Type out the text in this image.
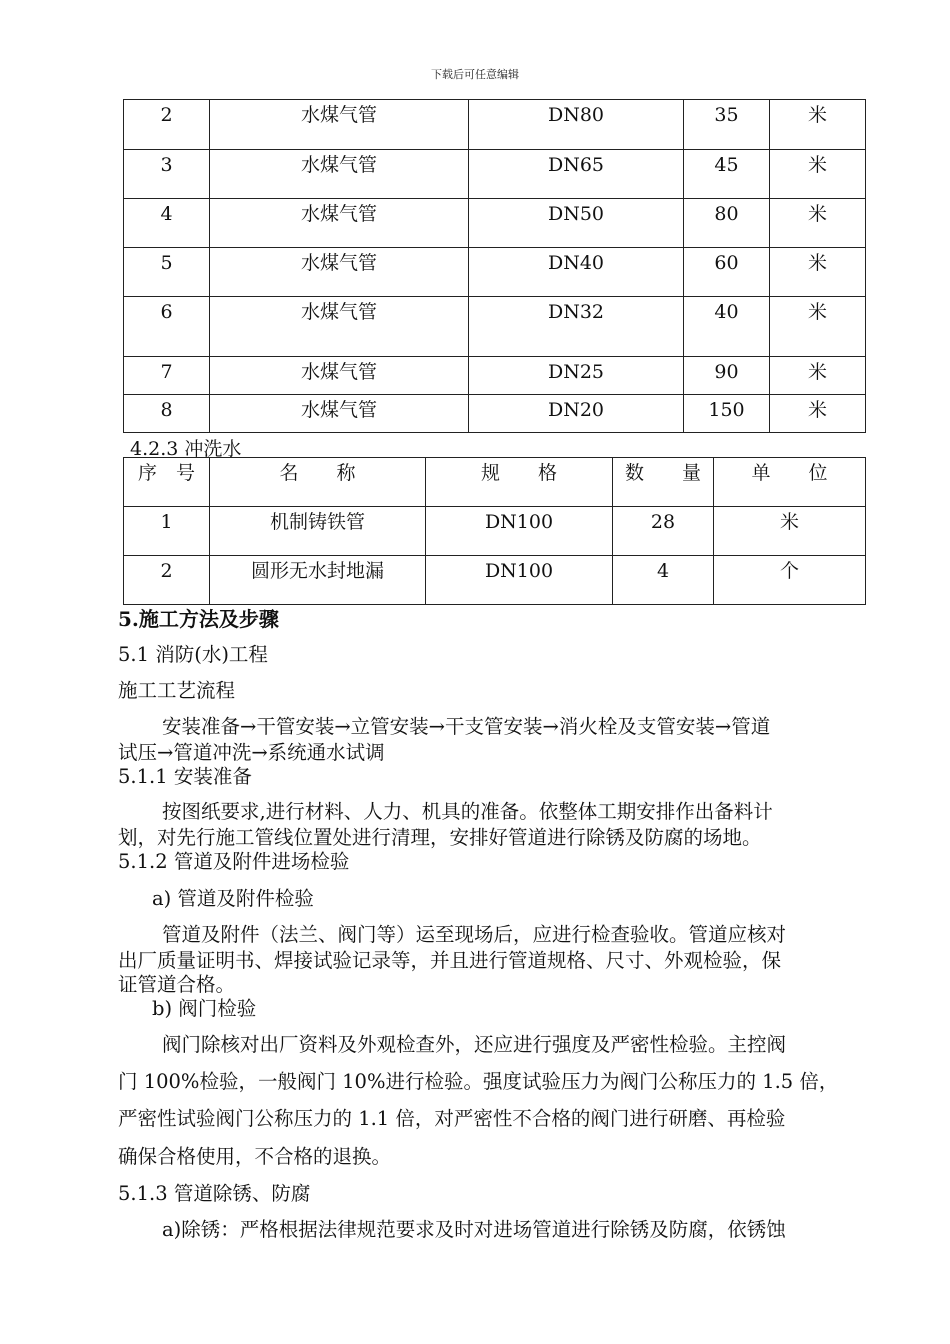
下载后可任意编辑
2	水煤气管	DN80	35	米

3	水煤气管	DN65	45	米

4	水煤气管	DN50	80	米

5	水煤气管	DN40	60	米

6	水煤气管	DN32	40	米

7	水煤气管	DN25	90	米

8	水煤气管	DN20	150	米
4.2.3 冲洗水
序　号	名　　称	规　　格	数　　量	单　　位

1	机制铸铁管	DN100	28	米

2	圆形无水封地漏	DN100	4	个
5.施工方法及步骤
5.1 消防(水)工程
施工工艺流程
安装准备→干管安装→立管安装→干支管安装→消火栓及支管安装→管道
试压→管道冲洗→系统通水试调
5.1.1 安装准备
按图纸要求,进行材料、人力、机具的准备。依整体工期安排作出备料计
划，对先行施工管线位置处进行清理，安排好管道进行除锈及防腐的场地。
5.1.2 管道及附件进场检验
a) 管道及附件检验
管道及附件（法兰、阀门等）运至现场后，应进行检查验收。管道应核对
出厂质量证明书、焊接试验记录等，并且进行管道规格、尺寸、外观检验，保
证管道合格。
b) 阀门检验
阀门除核对出厂资料及外观检查外，还应进行强度及严密性检验。主控阀
门 100%检验，一般阀门 10%进行检验。强度试验压力为阀门公称压力的 1.5 倍，
严密性试验阀门公称压力的 1.1 倍，对严密性不合格的阀门进行研磨、再检验
确保合格使用，不合格的退换。
5.1.3 管道除锈、防腐
a)除锈：严格根据法律规范要求及时对进场管道进行除锈及防腐，依锈蚀
